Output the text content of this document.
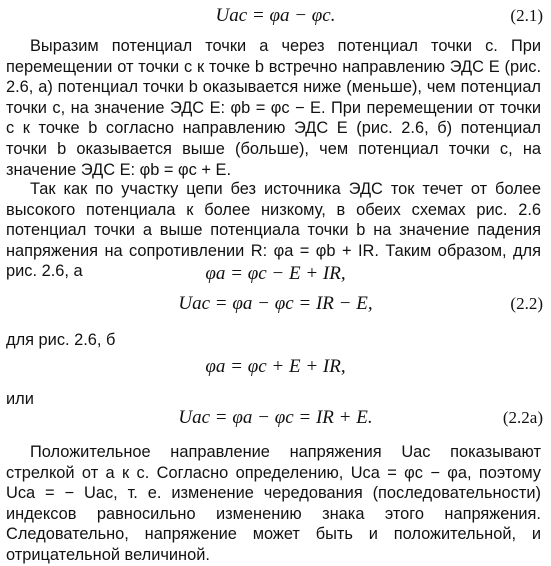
Uac = φa − φc.	(2.1)

Выразим потенциал точки a через потенциал точки c. При перемещении от точки c к точке b встречно направлению ЭДС E (рис. 2.6, a) потенциал точки b оказывается ниже (меньше), чем потенциал точки c, на значение ЭДС E: φb = φc − E. При перемещении от точки c к точке b согласно направлению ЭДС E (рис. 2.6, б) потенциал точки b оказывается выше (больше), чем потенциал точки c, на значение ЭДС E: φb = φc + E.

Так как по участку цепи без источника ЭДС ток течет от более высокого потенциала к более низкому, в обеих схемах рис. 2.6 потенциал точки a выше потенциала точки b на значение падения напряжения на сопротивлении R: φa = φb + IR. Таким образом, для рис. 2.6, a	φa = φc − E + IR,
Uac = φa − φc = IR − E,	(2.2)
для рис. 2.6, б
φa = φc + E + IR,
или
Uac = φa − φc = IR + E.	(2.2a)

Положительное направление напряжения Uac показывают стрелкой от a к c. Согласно определению, Uca = φc − φa, поэтому Uca = − Uac, т. е. изменение чередования (последовательности) индексов равносильно изменению знака этого напряжения. Следовательно, напряжение может быть и положительной, и отрицательной величиной.
